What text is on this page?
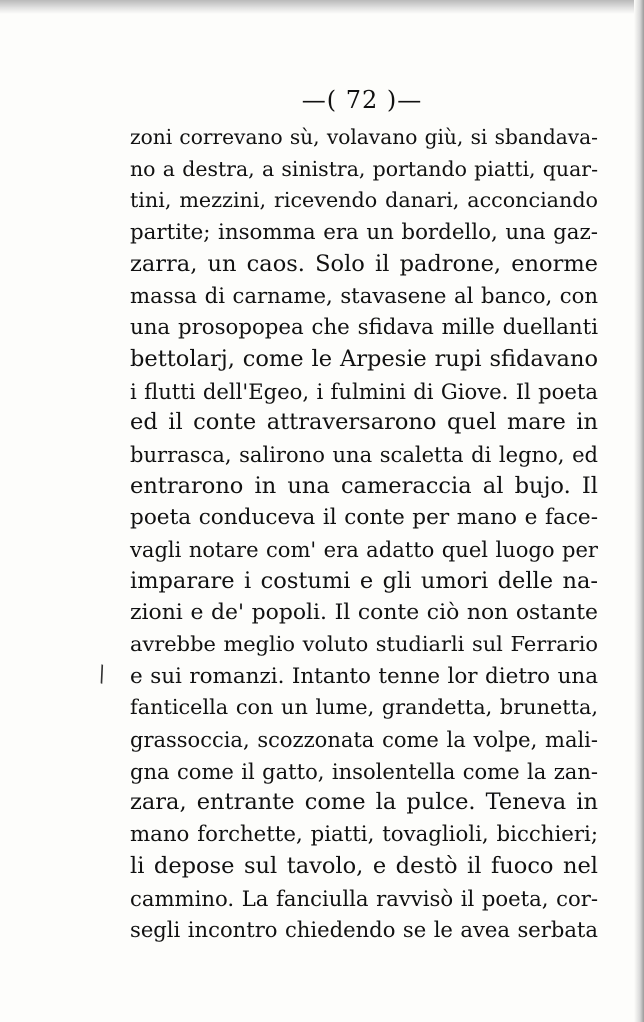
—( 72 )—
\
zoni correvano sù, volavano giù, si sbandava-
no a destra, a sinistra, portando piatti, quar-
tini, mezzini, ricevendo danari, acconciando
partite; insomma era un bordello, una gaz-
zarra, un caos. Solo il padrone, enorme
massa di carname, stavasene al banco, con
una prosopopea che sfidava mille duellanti
bettolarj, come le Arpesie rupi sfidavano
i flutti dell'Egeo, i fulmini di Giove. Il poeta
ed il conte attraversarono quel mare in
burrasca, salirono una scaletta di legno, ed
entrarono in una cameraccia al bujo. Il
poeta conduceva il conte per mano e face-
vagli notare com' era adatto quel luogo per
imparare i costumi e gli umori delle na-
zioni e de' popoli. Il conte ciò non ostante
avrebbe meglio voluto studiarli sul Ferrario
e sui romanzi. Intanto tenne lor dietro una
fanticella con un lume, grandetta, brunetta,
grassoccia, scozzonata come la volpe, mali-
gna come il gatto, insolentella come la zan-
zara, entrante come la pulce. Teneva in
mano forchette, piatti, tovaglioli, bicchieri;
li depose sul tavolo, e destò il fuoco nel
cammino. La fanciulla ravvisò il poeta, cor-
segli incontro chiedendo se le avea serbata
